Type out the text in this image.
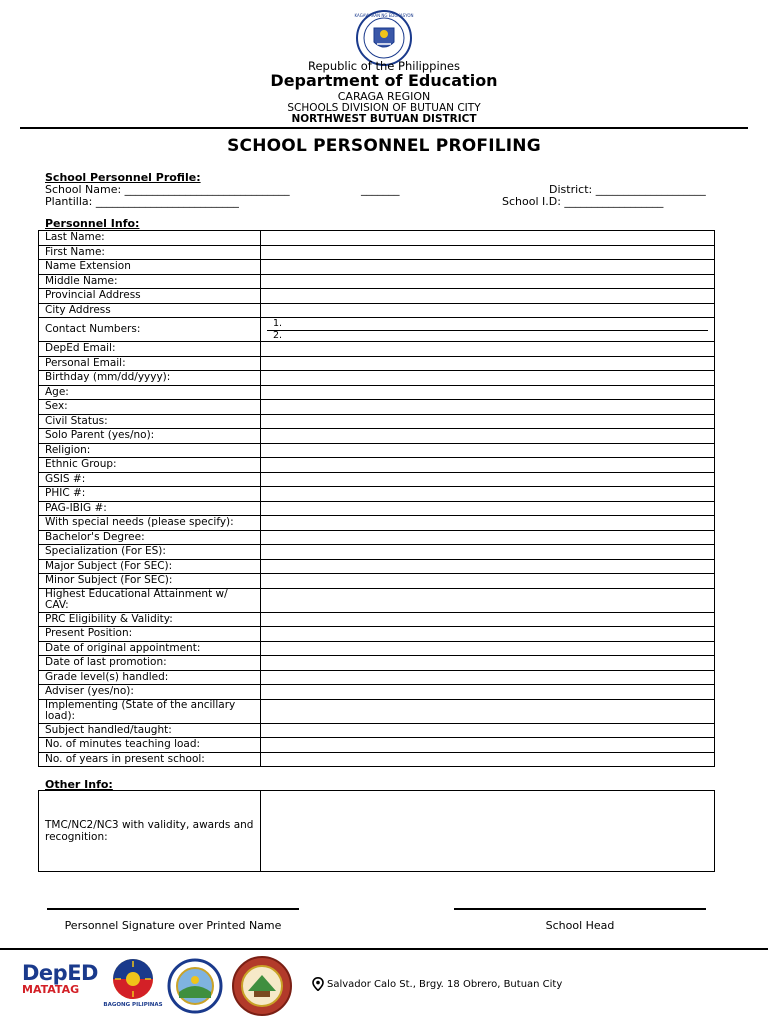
KAGAWARAN NG EDUKASYON
Republic of the Philippines
Department of Education
CARAGA REGION
SCHOOLS DIVISION OF BUTUAN CITY
NORTHWEST BUTUAN DISTRICT
SCHOOL PERSONNEL PROFILING
School Personnel Profile:
School Name: ______________________________	_______	District: ____________________
Plantilla: __________________________	School I.D: __________________
Personnel Info:
Last Name:	
First Name:	
Name Extension	
Middle Name:	
Provincial Address	
City Address	
Contact Numbers:	1.
2.

DepEd Email:	
Personal Email:	
Birthday (mm/dd/yyyy):	
Age:	
Sex:	
Civil Status:	
Solo Parent (yes/no):	
Religion:	
Ethnic Group:	
GSIS #:	
PHIC #:	
PAG-IBIG #:	
With special needs (please specify):	
Bachelor's Degree:	
Specialization (For ES):	
Major Subject (For SEC):	
Minor Subject (For SEC):	
Highest Educational Attainment w/ CAV:	
PRC Eligibility & Validity:	
Present Position:	
Date of original appointment:	
Date of last promotion:	
Grade level(s) handled:	
Adviser (yes/no):	
Implementing (State of the ancillary load):	
Subject handled/taught:	
No. of minutes teaching load:	
No. of years in present school:	
Other Info:
TMC/NC2/NC3 with validity, awards and recognition:	
Personnel Signature over Printed Name	School Head
DepED
MATATAG
BAGONG PILIPINAS
Salvador Calo St., Brgy. 18 Obrero, Butuan City
